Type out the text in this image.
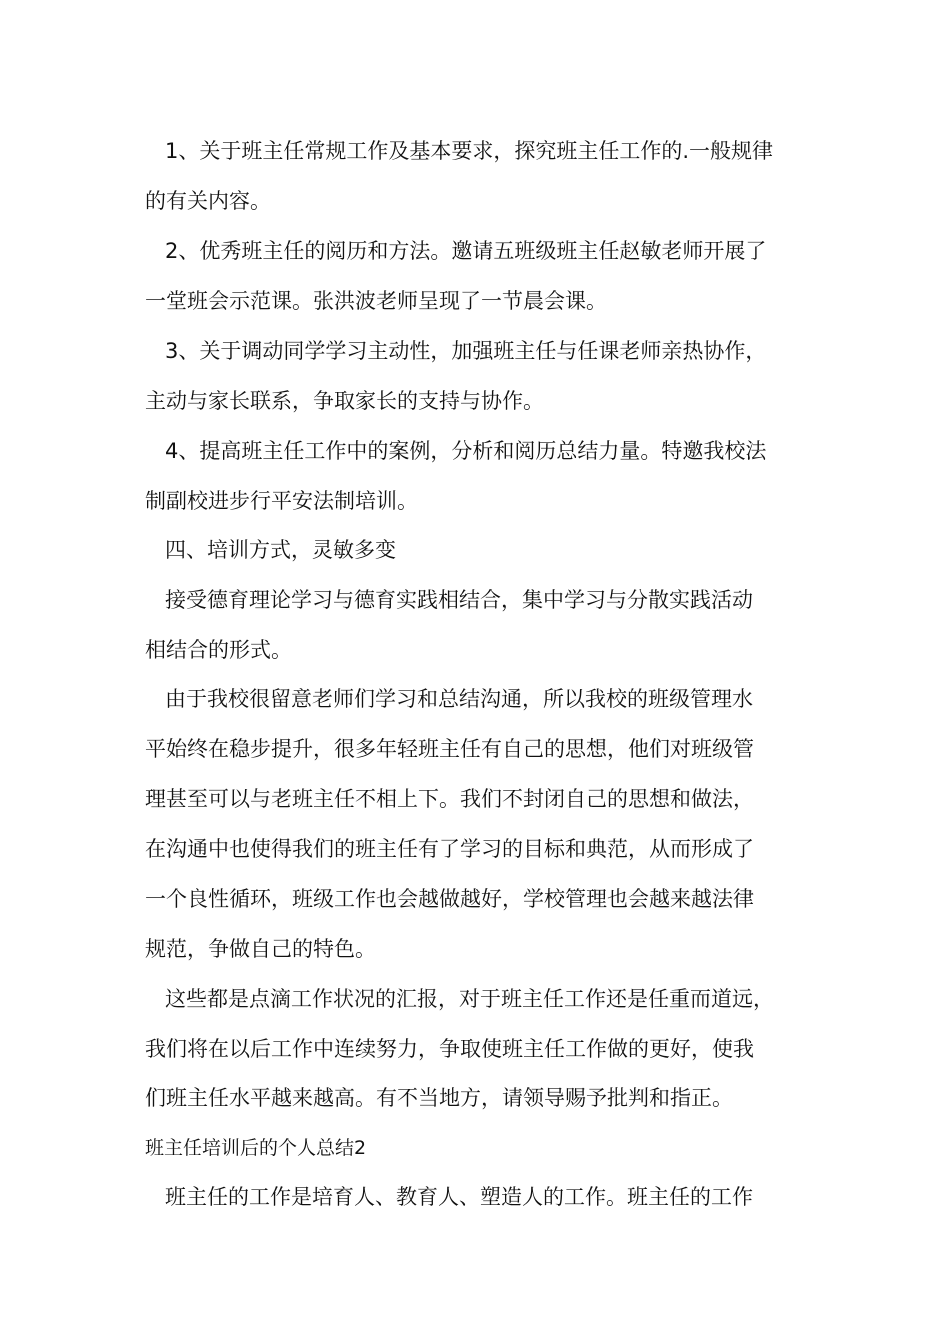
1、关于班主任常规工作及基本要求，探究班主任工作的.一般规律
的有关内容。
2、优秀班主任的阅历和方法。邀请五班级班主任赵敏老师开展了
一堂班会示范课。张洪波老师呈现了一节晨会课。
3、关于调动同学学习主动性，加强班主任与任课老师亲热协作，
主动与家长联系，争取家长的支持与协作。
4、提高班主任工作中的案例，分析和阅历总结力量。特邀我校法
制副校进步行平安法制培训。
四、培训方式，灵敏多变
接受德育理论学习与德育实践相结合，集中学习与分散实践活动
相结合的形式。
由于我校很留意老师们学习和总结沟通，所以我校的班级管理水
平始终在稳步提升，很多年轻班主任有自己的思想，他们对班级管
理甚至可以与老班主任不相上下。我们不封闭自己的思想和做法，
在沟通中也使得我们的班主任有了学习的目标和典范，从而形成了
一个良性循环，班级工作也会越做越好，学校管理也会越来越法律
规范，争做自己的特色。
这些都是点滴工作状况的汇报，对于班主任工作还是任重而道远，
我们将在以后工作中连续努力，争取使班主任工作做的更好，使我
们班主任水平越来越高。有不当地方，请领导赐予批判和指正。
班主任培训后的个人总结2
班主任的工作是培育人、教育人、塑造人的工作。班主任的工作
